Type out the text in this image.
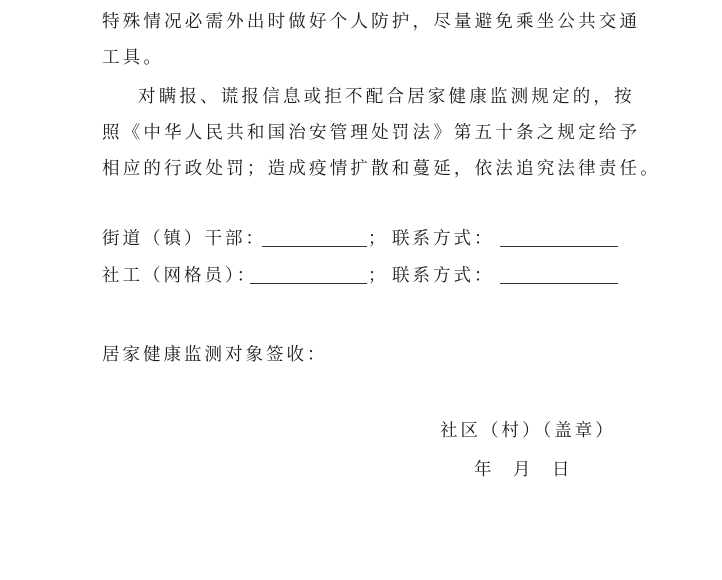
特殊情况必需外出时做好个人防护，尽量避免乘坐公共交通
工具。
对瞒报、谎报信息或拒不配合居家健康监测规定的，按
照《中华人民共和国治安管理处罚法》第五十条之规定给予
相应的行政处罚；造成疫情扩散和蔓延，依法追究法律责任。
街道（镇）干部：	； 联系方式：
社工（网格员）：	； 联系方式：
居家健康监测对象签收：
社区（村）（盖章）
年 月 日
